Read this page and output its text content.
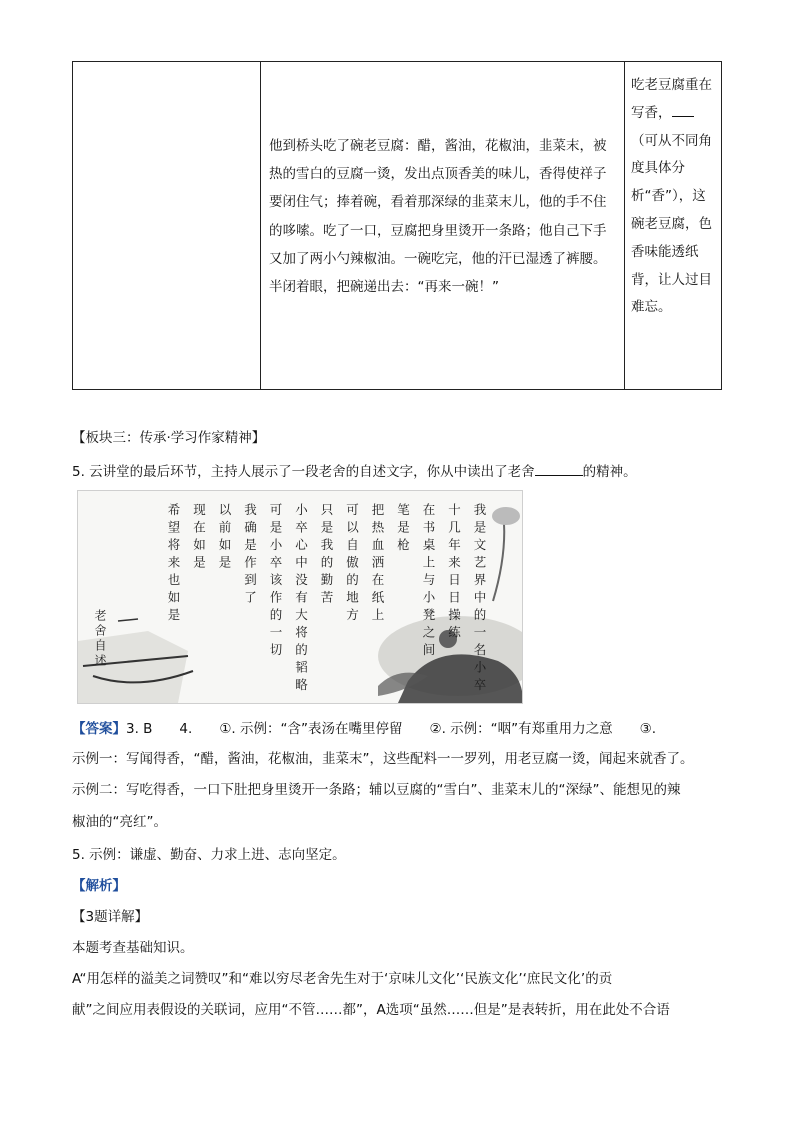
他到桥头吃了碗老豆腐：醋，酱油，花椒油，韭菜末，被热的雪白的豆腐一烫，发出点顶香美的味儿，香得使祥子要闭住气；捧着碗，看着那深绿的韭菜末儿，他的手不住的哆嗦。吃了一口，豆腐把身里烫开一条路；他自己下手又加了两小勺辣椒油。一碗吃完，他的汗已湿透了裤腰。半闭着眼，把碗递出去：“再来一碗！”
吃老豆腐重在写香，（可从不同角度具体分析“香”），这碗老豆腐，色香味能透纸背，让人过目难忘。
【板块三：传承·学习作家精神】
5. 云讲堂的最后环节，主持人展示了一段老舍的自述文字，你从中读出了老舍	的精神。
我是文艺界中的一名小卒
十几年来日日操练
在书桌上与小凳之间
笔是枪
把热血洒在纸上
可以自傲的地方
只是我的勤苦
小卒心中没有大将的韬略
可是小卒该作的一切
我确是作到了
以前如是
现在如是
希望将来也如是
老舍自述
【答案】3. B　　4.　　①. 示例：“含”表汤在嘴里停留　　②. 示例：“咽”有郑重用力之意　　③.
示例一：写闻得香，“醋，酱油，花椒油，韭菜末”，这些配料一一罗列，用老豆腐一烫，闻起来就香了。
示例二：写吃得香，一口下肚把身里烫开一条路；辅以豆腐的“雪白”、韭菜末儿的“深绿”、能想见的辣
椒油的“亮红”。
5. 示例：谦虚、勤奋、力求上进、志向坚定。
【解析】
【3题详解】
本题考查基础知识。
A“用怎样的溢美之词赞叹”和“难以穷尽老舍先生对于‘京味儿文化’‘民族文化’‘庶民文化’的贡
献”之间应用表假设的关联词，应用“不管……都”，A选项“虽然……但是”是表转折，用在此处不合语
